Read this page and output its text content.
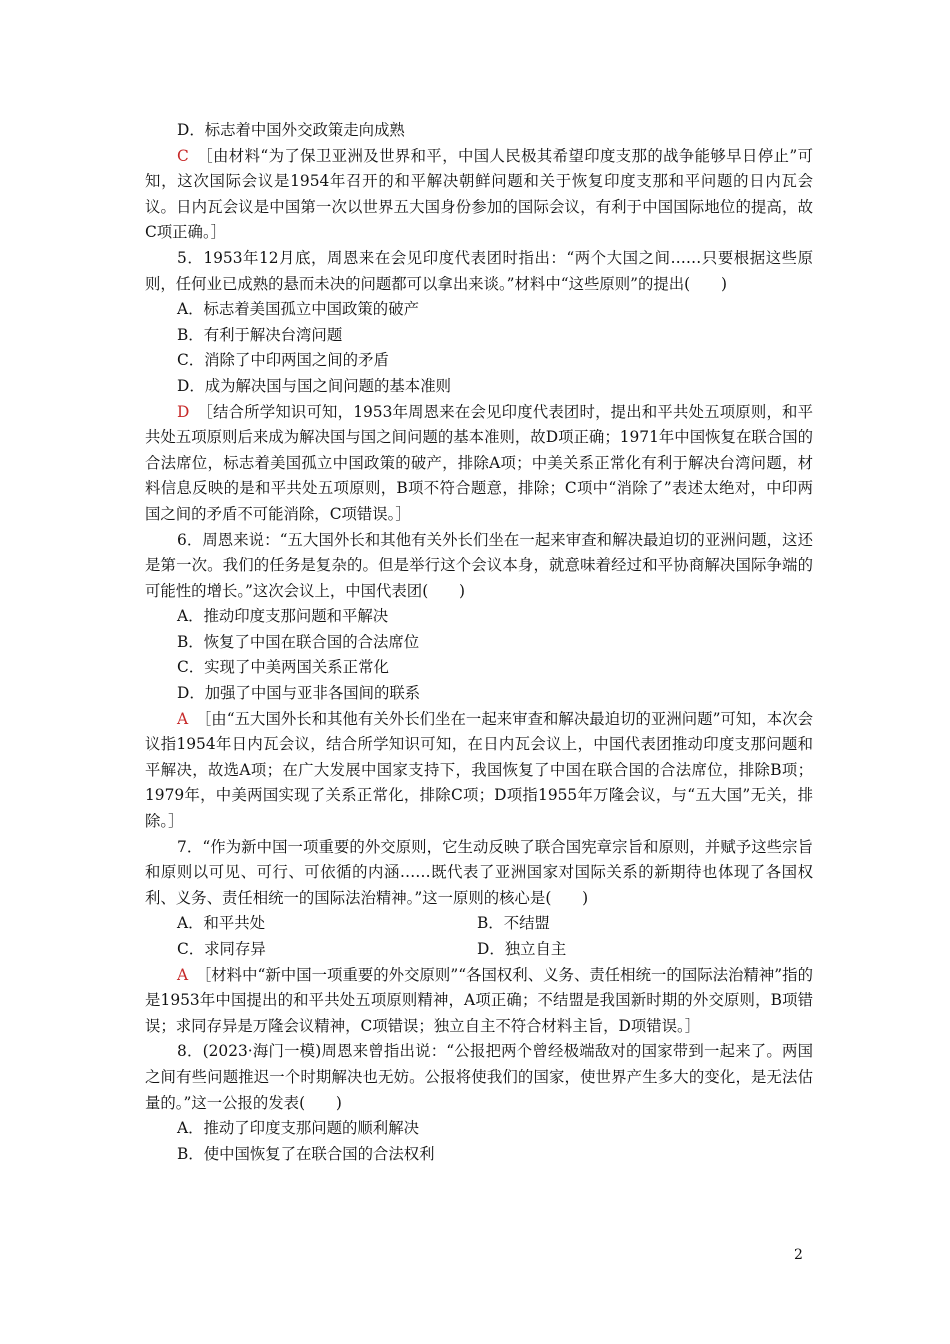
D．标志着中国外交政策走向成熟

C　 ［由材料“为了保卫亚洲及世界和平，中国人民极其希望印度支那的战争能够早日停止”可知，这次国际会议是1954年召开的和平解决朝鲜问题和关于恢复印度支那和平问题的日内瓦会议。日内瓦会议是中国第一次以世界五大国身份参加的国际会议，有利于中国国际地位的提高，故C项正确。］

5．1953年12月底，周恩来在会见印度代表团时指出：“两个大国之间……只要根据这些原则，任何业已成熟的悬而未决的问题都可以拿出来谈。”材料中“这些原则”的提出(　　)

A．标志着美国孤立中国政策的破产

B．有利于解决台湾问题

C．消除了中印两国之间的矛盾

D．成为解决国与国之间问题的基本准则

D　 ［结合所学知识可知，1953年周恩来在会见印度代表团时，提出和平共处五项原则，和平共处五项原则后来成为解决国与国之间问题的基本准则，故D项正确；1971年中国恢复在联合国的合法席位，标志着美国孤立中国政策的破产，排除A项；中美关系正常化有利于解决台湾问题，材料信息反映的是和平共处五项原则，B项不符合题意，排除；C项中“消除了”表述太绝对，中印两国之间的矛盾不可能消除，C项错误。］

6．周恩来说：“五大国外长和其他有关外长们坐在一起来审查和解决最迫切的亚洲问题，这还是第一次。我们的任务是复杂的。但是举行这个会议本身，就意味着经过和平协商解决国际争端的可能性的增长。”这次会议上，中国代表团(　　)

A．推动印度支那问题和平解决

B．恢复了中国在联合国的合法席位

C．实现了中美两国关系正常化

D．加强了中国与亚非各国间的联系

A　 ［由“五大国外长和其他有关外长们坐在一起来审查和解决最迫切的亚洲问题”可知，本次会议指1954年日内瓦会议，结合所学知识可知，在日内瓦会议上，中国代表团推动印度支那问题和平解决，故选A项；在广大发展中国家支持下，我国恢复了中国在联合国的合法席位，排除B项；1979年，中美两国实现了关系正常化，排除C项；D项指1955年万隆会议，与“五大国”无关，排除。］

7．“作为新中国一项重要的外交原则，它生动反映了联合国宪章宗旨和原则，并赋予这些宗旨和原则以可见、可行、可依循的内涵……既代表了亚洲国家对国际关系的新期待也体现了各国权利、义务、责任相统一的国际法治精神。”这一原则的核心是(　　)

A．和平共处	B．不结盟

C．求同存异	D．独立自主

A　 ［材料中“新中国一项重要的外交原则”“各国权利、义务、责任相统一的国际法治精神”指的是1953年中国提出的和平共处五项原则精神，A项正确；不结盟是我国新时期的外交原则，B项错误；求同存异是万隆会议精神，C项错误；独立自主不符合材料主旨，D项错误。］

8．(2023·海门一模)周恩来曾指出说：“公报把两个曾经极端敌对的国家带到一起来了。两国之间有些问题推迟一个时期解决也无妨。公报将使我们的国家，使世界产生多大的变化，是无法估量的。”这一公报的发表(　　)

A．推动了印度支那问题的顺利解决

B．使中国恢复了在联合国的合法权利

2
